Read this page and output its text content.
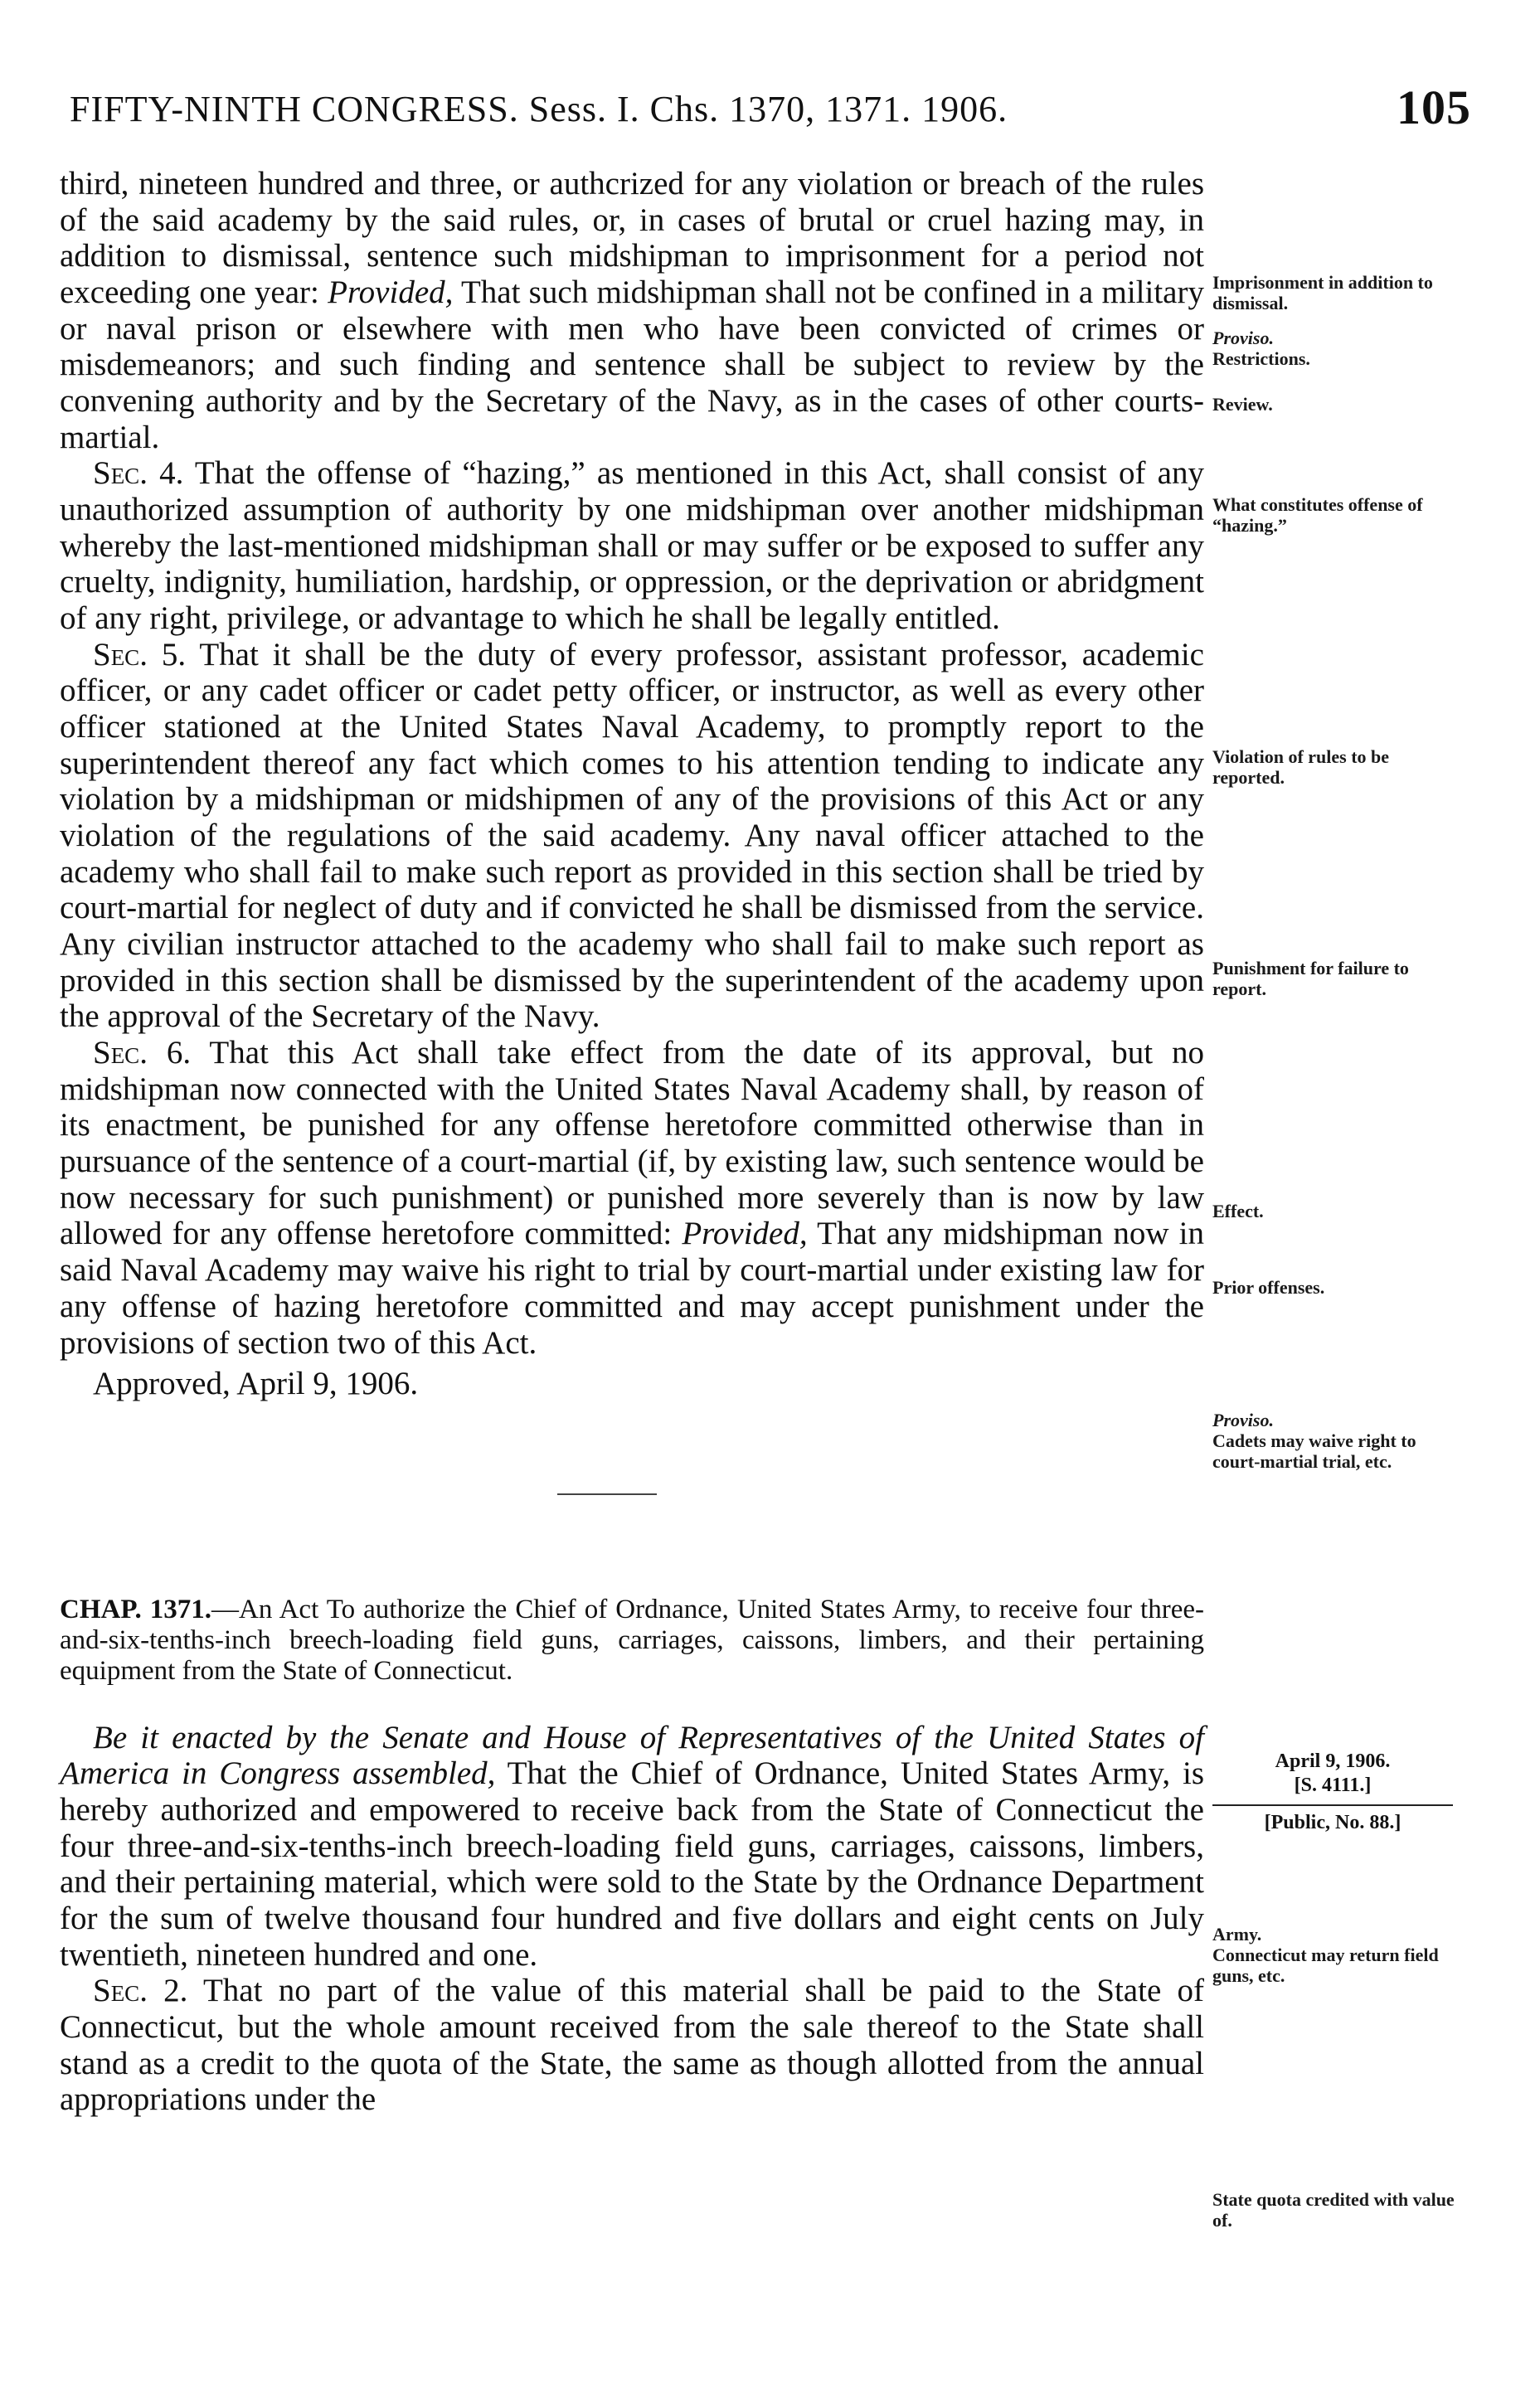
FIFTY-NINTH CONGRESS. Sess. I. Chs. 1370, 1371. 1906.	105

third, nineteen hundred and three, or authcrized for any violation or breach of the rules of the said academy by the said rules, or, in cases of brutal or cruel hazing may, in addition to dismissal, sentence such midshipman to imprisonment for a period not exceeding one year: Provided, That such midshipman shall not be confined in a military or naval prison or elsewhere with men who have been convicted of crimes or misdemeanors; and such finding and sentence shall be subject to review by the convening authority and by the Secretary of the Navy, as in the cases of other courts-martial.

Sec. 4. That the offense of “hazing,” as mentioned in this Act, shall consist of any unauthorized assumption of authority by one midshipman over another midshipman whereby the last-mentioned midshipman shall or may suffer or be exposed to suffer any cruelty, indignity, humiliation, hardship, or oppression, or the deprivation or abridgment of any right, privilege, or advantage to which he shall be legally entitled.

Sec. 5. That it shall be the duty of every professor, assistant professor, academic officer, or any cadet officer or cadet petty officer, or instructor, as well as every other officer stationed at the United States Naval Academy, to promptly report to the superintendent thereof any fact which comes to his attention tending to indicate any violation by a midshipman or midshipmen of any of the provisions of this Act or any violation of the regulations of the said academy. Any naval officer attached to the academy who shall fail to make such report as provided in this section shall be tried by court-martial for neglect of duty and if convicted he shall be dismissed from the service. Any civilian instructor attached to the academy who shall fail to make such report as provided in this section shall be dismissed by the superintendent of the academy upon the approval of the Secretary of the Navy.

Sec. 6. That this Act shall take effect from the date of its approval, but no midshipman now connected with the United States Naval Academy shall, by reason of its enactment, be punished for any offense heretofore committed otherwise than in pursuance of the sentence of a court-martial (if, by existing law, such sentence would be now necessary for such punishment) or punished more severely than is now by law allowed for any offense heretofore committed: Provided, That any midshipman now in said Naval Academy may waive his right to trial by court-martial under existing law for any offense of hazing heretofore committed and may accept punishment under the provisions of section two of this Act.

Approved, April 9, 1906.

CHAP. 1371.—An Act To authorize the Chief of Ordnance, United States Army, to receive four three-and-six-tenths-inch breech-loading field guns, carriages, caissons, limbers, and their pertaining equipment from the State of Connecticut.

Be it enacted by the Senate and House of Representatives of the United States of America in Congress assembled, That the Chief of Ordnance, United States Army, is hereby authorized and empowered to receive back from the State of Connecticut the four three-and-six-tenths-inch breech-loading field guns, carriages, caissons, limbers, and their pertaining material, which were sold to the State by the Ordnance Department for the sum of twelve thousand four hundred and five dollars and eight cents on July twentieth, nineteen hundred and one.

Sec. 2. That no part of the value of this material shall be paid to the State of Connecticut, but the whole amount received from the sale thereof to the State shall stand as a credit to the quota of the State, the same as though allotted from the annual appropriations under the

Imprisonment in addition to dismissal.
Proviso.
Restrictions.
Review.
What constitutes offense of “hazing.”
Violation of rules to be reported.
Punishment for failure to report.
Effect.
Prior offenses.
Proviso.
Cadets may waive right to court-martial trial, etc.
April 9, 1906.
[S. 4111.]
[Public, No. 88.]
Army.
Connecticut may return field guns, etc.
State quota credited with value of.
